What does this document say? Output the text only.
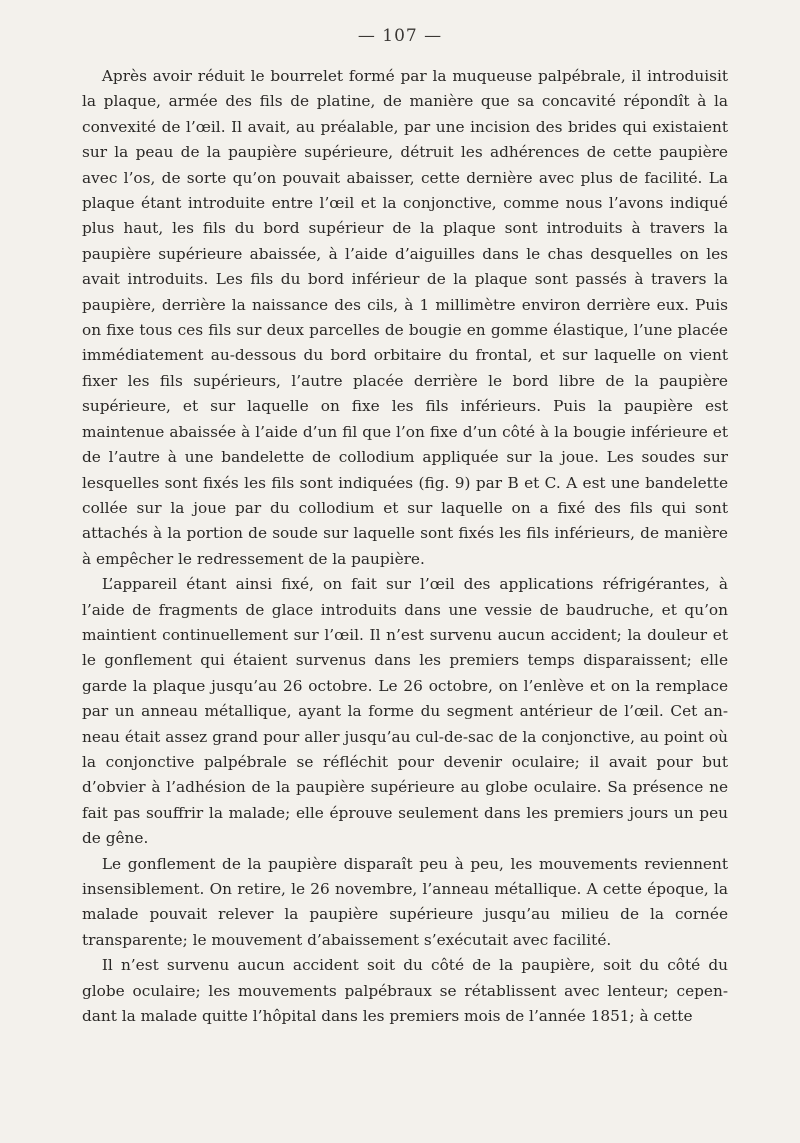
— 107 —

Après avoir réduit le bourrelet formé par la muqueuse palpébrale, il introduisit la plaque, armée des fils de platine, de manière que sa concavité répondît à la convexité de l’œil. Il avait, au préalable, par une incision des brides qui existaient sur la peau de la paupière supérieure, détruit les adhérences de cette paupière avec l’os, de sorte qu’on pouvait abaisser, cette dernière avec plus de facilité. La plaque étant introduite entre l’œil et la conjonctive, comme nous l’avons indiqué plus haut, les fils du bord supérieur de la plaque sont introduits à travers la paupière supérieure abaissée, à l’aide d’aiguilles dans le chas desquelles on les avait introduits. Les fils du bord inférieur de la plaque sont passés à travers la paupière, derrière la naissance des cils, à 1 millimètre environ derrière eux. Puis on fixe tous ces fils sur deux parcelles de bougie en gomme élastique, l’une placée immédiatement au-dessous du bord orbitaire du frontal, et sur laquelle on vient fixer les fils supérieurs, l’autre placée derrière le bord libre de la paupière supérieure, et sur laquelle on fixe les fils inférieurs. Puis la paupière est maintenue abaissée à l’aide d’un fil que l’on fixe d’un côté à la bougie inférieure et de l’autre à une bandelette de collodium appliquée sur la joue. Les soudes sur lesquelles sont fixés les fils sont indiquées (fig. 9) par B et C. A est une bandelette collée sur la joue par du collodium et sur laquelle on a fixé des fils qui sont attachés à la portion de soude sur laquelle sont fixés les fils inférieurs, de manière à empêcher le redressement de la paupière.

L’appareil étant ainsi fixé, on fait sur l’œil des applications réfrigérantes, à l’aide de fragments de glace introduits dans une vessie de baudruche, et qu’on maintient continuellement sur l’œil. Il n’est survenu aucun accident; la douleur et le gonflement qui étaient survenus dans les premiers temps disparaissent; elle garde la plaque jusqu’au 26 octobre. Le 26 octobre, on l’enlève et on la remplace par un anneau métallique, ayant la forme du segment antérieur de l’œil. Cet anneau était assez grand pour aller jusqu’au cul-de-sac de la conjonctive, au point où la conjonctive palpébrale se réfléchit pour devenir oculaire; il avait pour but d’obvier à l’adhésion de la paupière supérieure au globe oculaire. Sa présence ne fait pas souffrir la malade; elle éprouve seulement dans les premiers jours un peu de gêne.

Le gonflement de la paupière disparaît peu à peu, les mouvements reviennent insensiblement. On retire, le 26 novembre, l’anneau métallique. A cette époque, la malade pouvait relever la paupière supérieure jusqu’au milieu de la cornée transparente; le mouvement d’abaissement s’exécutait avec facilité.

Il n’est survenu aucun accident soit du côté de la paupière, soit du côté du globe oculaire; les mouvements palpébraux se rétablissent avec lenteur; cependant la malade quitte l’hôpital dans les premiers mois de l’année 1851; à cette
